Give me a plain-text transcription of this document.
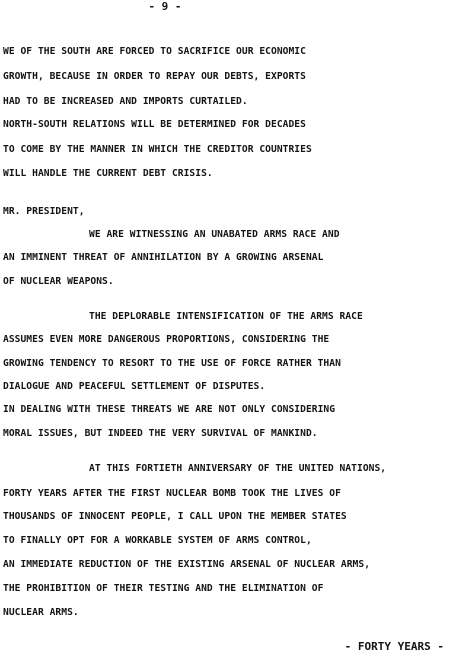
- 9 -
WE OF THE SOUTH ARE FORCED TO SACRIFICE OUR ECONOMIC
GROWTH, BECAUSE IN ORDER TO REPAY OUR DEBTS, EXPORTS
HAD TO BE INCREASED AND IMPORTS CURTAILED.
NORTH-SOUTH RELATIONS WILL BE DETERMINED FOR DECADES
TO COME BY THE MANNER IN WHICH THE CREDITOR COUNTRIES
WILL HANDLE THE CURRENT DEBT CRISIS.
MR. PRESIDENT,
WE ARE WITNESSING AN UNABATED ARMS RACE AND
AN IMMINENT THREAT OF ANNIHILATION BY A GROWING ARSENAL
OF NUCLEAR WEAPONS.
THE DEPLORABLE INTENSIFICATION OF THE ARMS RACE
ASSUMES EVEN MORE DANGEROUS PROPORTIONS, CONSIDERING THE
GROWING TENDENCY TO RESORT TO THE USE OF FORCE RATHER THAN
DIALOGUE AND PEACEFUL SETTLEMENT OF DISPUTES.
IN DEALING WITH THESE THREATS WE ARE NOT ONLY CONSIDERING
MORAL ISSUES, BUT INDEED THE VERY SURVIVAL OF MANKIND.
AT THIS FORTIETH ANNIVERSARY OF THE UNITED NATIONS,
FORTY YEARS AFTER THE FIRST NUCLEAR BOMB TOOK THE LIVES OF
THOUSANDS OF INNOCENT PEOPLE, I CALL UPON THE MEMBER STATES
TO FINALLY OPT FOR A WORKABLE SYSTEM OF ARMS CONTROL,
AN IMMEDIATE REDUCTION OF THE EXISTING ARSENAL OF NUCLEAR ARMS,
THE PROHIBITION OF THEIR TESTING AND THE ELIMINATION OF
NUCLEAR ARMS.
- FORTY YEARS -
